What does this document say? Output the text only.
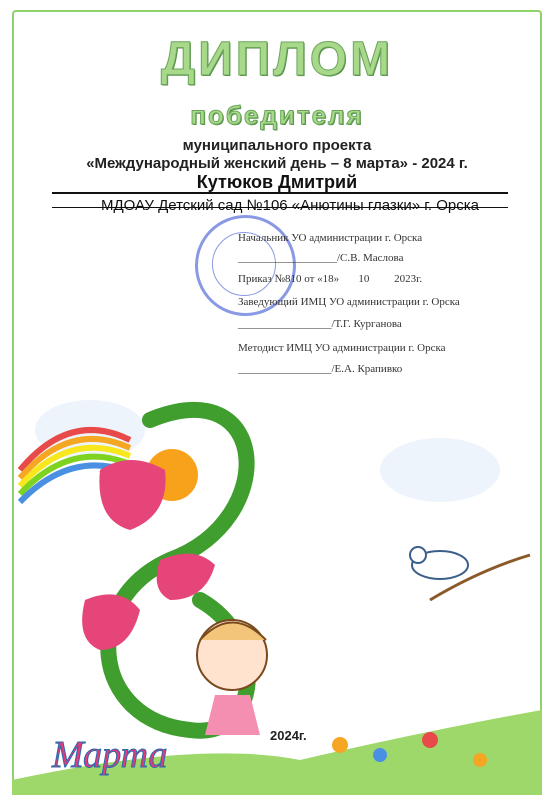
ДИПЛОМ
победителя
муниципального проекта
«Международный женский день – 8 марта» - 2024 г.
Кутюков Дмитрий
МДОАУ Детский сад №106 «Анютины глазки» г. Орска
Начальник УО администрации г. Орска
__________________/С.В. Маслова
Приказ №810 от «18»       10         2023г.
Заведующий ИМЦ УО администрации г. Орска
_________________/Т.Г. Курганова
Методист ИМЦ УО администрации г. Орска
_________________/Е.А. Крапивко
2024г.
Марта
